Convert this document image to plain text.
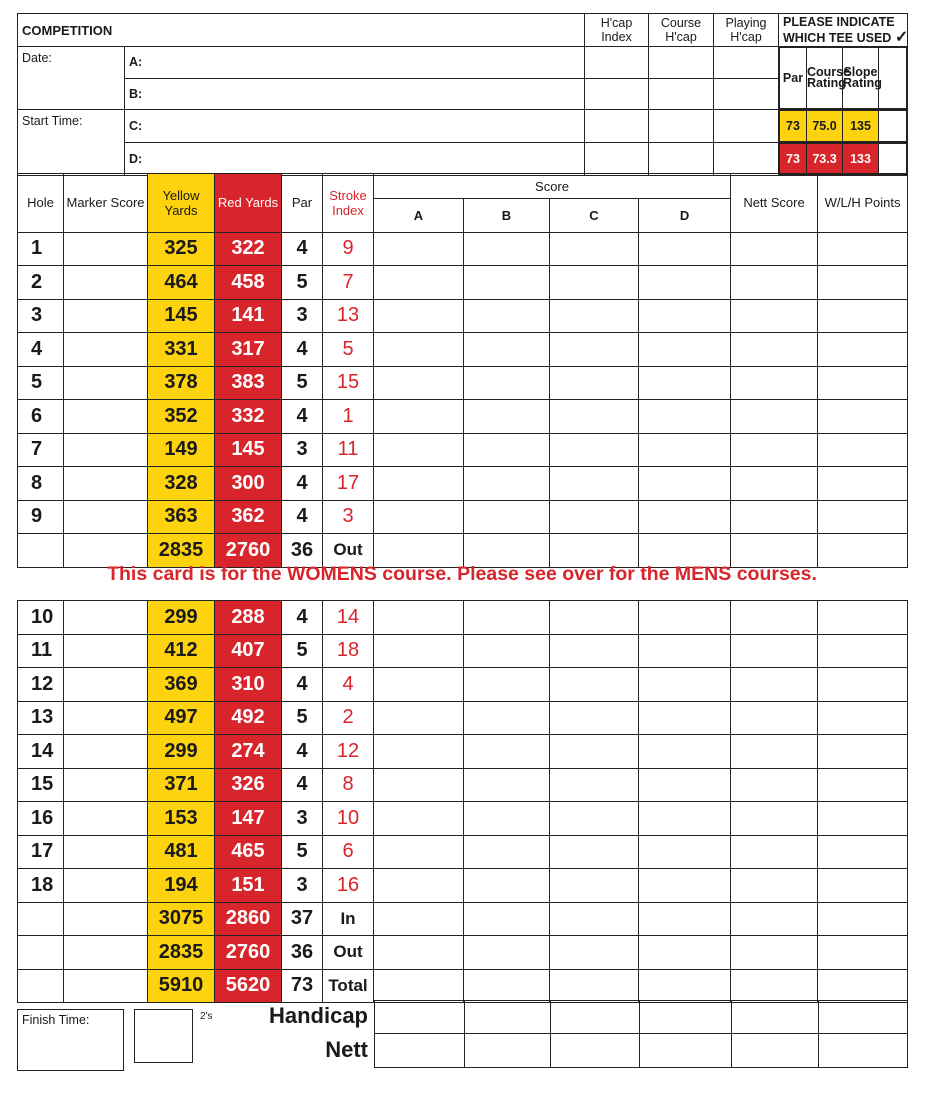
COMPETITION	H'cap Index	Course H'cap	Playing H'cap	
PLEASE INDICATE
WHICH TEE USED ✓

Date:	A:				
Par	Course Rating	Slope Rating	

B:			
Start Time:	C:					73	75.0	135	

D:					73	73.3	133	
Hole	Marker Score	Yellow Yards	Red Yards	Par	Stroke Index	Score				Nett Score	W/L/H Points
						A	B	C	D		
1		325	322	4	9						
2		464	458	5	7						
3		145	141	3	13						
4		331	317	4	5						
5		378	383	5	15						
6		352	332	4	1						
7		149	145	3	11						
8		328	300	4	17						
9		363	362	4	3						
		2835	2760	36	Out						
This card is for the WOMENS course. Please see over for the MENS courses.
10		299	288	4	14						
11		412	407	5	18						
12		369	310	4	4						
13		497	492	5	2						
14		299	274	4	12						
15		371	326	4	8						
16		153	147	3	10						
17		481	465	5	6						
18		194	151	3	16						
		3075	2860	37	In						
		2835	2760	36	Out						
		5910	5620	73	Total						
Finish Time:	2's	Handicap
Nett
